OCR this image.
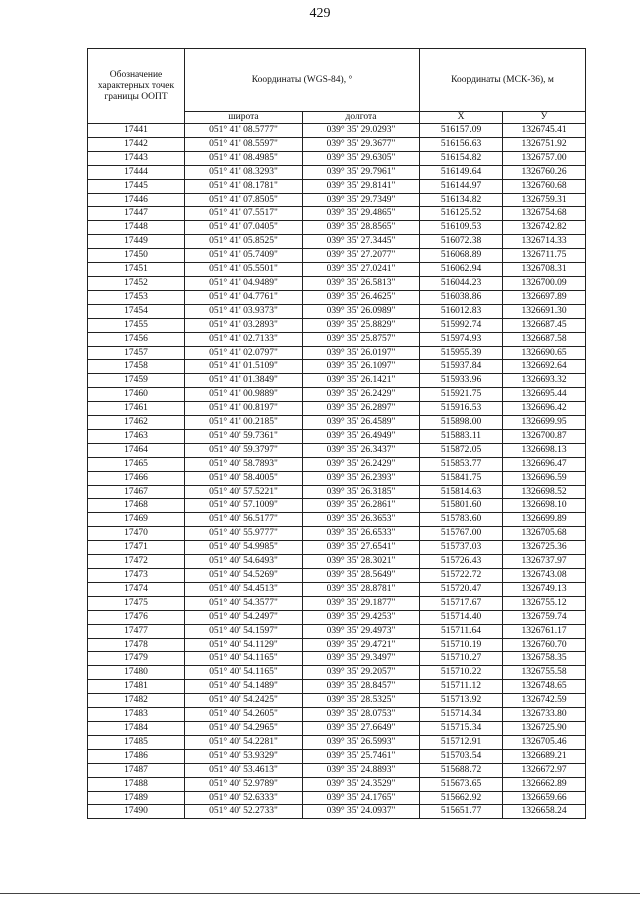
429
Обозначение характерных точек границы ООПТ	Координаты (WGS-84), °		Координаты (МСК-36), м	
	широта	долгота	X	У
17441	051° 41' 08.5777"	039° 35' 29.0293"	516157.09	1326745.41
17442	051° 41' 08.5597"	039° 35' 29.3677"	516156.63	1326751.92
17443	051° 41' 08.4985"	039° 35' 29.6305"	516154.82	1326757.00
17444	051° 41' 08.3293"	039° 35' 29.7961"	516149.64	1326760.26
17445	051° 41' 08.1781"	039° 35' 29.8141"	516144.97	1326760.68
17446	051° 41' 07.8505"	039° 35' 29.7349"	516134.82	1326759.31
17447	051° 41' 07.5517"	039° 35' 29.4865"	516125.52	1326754.68
17448	051° 41' 07.0405"	039° 35' 28.8565"	516109.53	1326742.82
17449	051° 41' 05.8525"	039° 35' 27.3445"	516072.38	1326714.33
17450	051° 41' 05.7409"	039° 35' 27.2077"	516068.89	1326711.75
17451	051° 41' 05.5501"	039° 35' 27.0241"	516062.94	1326708.31
17452	051° 41' 04.9489"	039° 35' 26.5813"	516044.23	1326700.09
17453	051° 41' 04.7761"	039° 35' 26.4625"	516038.86	1326697.89
17454	051° 41' 03.9373"	039° 35' 26.0989"	516012.83	1326691.30
17455	051° 41' 03.2893"	039° 35' 25.8829"	515992.74	1326687.45
17456	051° 41' 02.7133"	039° 35' 25.8757"	515974.93	1326687.58
17457	051° 41' 02.0797"	039° 35' 26.0197"	515955.39	1326690.65
17458	051° 41' 01.5109"	039° 35' 26.1097"	515937.84	1326692.64
17459	051° 41' 01.3849"	039° 35' 26.1421"	515933.96	1326693.32
17460	051° 41' 00.9889"	039° 35' 26.2429"	515921.75	1326695.44
17461	051° 41' 00.8197"	039° 35' 26.2897"	515916.53	1326696.42
17462	051° 41' 00.2185"	039° 35' 26.4589"	515898.00	1326699.95
17463	051° 40' 59.7361"	039° 35' 26.4949"	515883.11	1326700.87
17464	051° 40' 59.3797"	039° 35' 26.3437"	515872.05	1326698.13
17465	051° 40' 58.7893"	039° 35' 26.2429"	515853.77	1326696.47
17466	051° 40' 58.4005"	039° 35' 26.2393"	515841.75	1326696.59
17467	051° 40' 57.5221"	039° 35' 26.3185"	515814.63	1326698.52
17468	051° 40' 57.1009"	039° 35' 26.2861"	515801.60	1326698.10
17469	051° 40' 56.5177"	039° 35' 26.3653"	515783.60	1326699.89
17470	051° 40' 55.9777"	039° 35' 26.6533"	515767.00	1326705.68
17471	051° 40' 54.9985"	039° 35' 27.6541"	515737.03	1326725.36
17472	051° 40' 54.6493"	039° 35' 28.3021"	515726.43	1326737.97
17473	051° 40' 54.5269"	039° 35' 28.5649"	515722.72	1326743.08
17474	051° 40' 54.4513"	039° 35' 28.8781"	515720.47	1326749.13
17475	051° 40' 54.3577"	039° 35' 29.1877"	515717.67	1326755.12
17476	051° 40' 54.2497"	039° 35' 29.4253"	515714.40	1326759.74
17477	051° 40' 54.1597"	039° 35' 29.4973"	515711.64	1326761.17
17478	051° 40' 54.1129"	039° 35' 29.4721"	515710.19	1326760.70
17479	051° 40' 54.1165"	039° 35' 29.3497"	515710.27	1326758.35
17480	051° 40' 54.1165"	039° 35' 29.2057"	515710.22	1326755.58
17481	051° 40' 54.1489"	039° 35' 28.8457"	515711.12	1326748.65
17482	051° 40' 54.2425"	039° 35' 28.5325"	515713.92	1326742.59
17483	051° 40' 54.2605"	039° 35' 28.0753"	515714.34	1326733.80
17484	051° 40' 54.2965"	039° 35' 27.6649"	515715.34	1326725.90
17485	051° 40' 54.2281"	039° 35' 26.5993"	515712.91	1326705.46
17486	051° 40' 53.9329"	039° 35' 25.7461"	515703.54	1326689.21
17487	051° 40' 53.4613"	039° 35' 24.8893"	515688.72	1326672.97
17488	051° 40' 52.9789"	039° 35' 24.3529"	515673.65	1326662.89
17489	051° 40' 52.6333"	039° 35' 24.1765"	515662.92	1326659.66
17490	051° 40' 52.2733"	039° 35' 24.0937"	515651.77	1326658.24
